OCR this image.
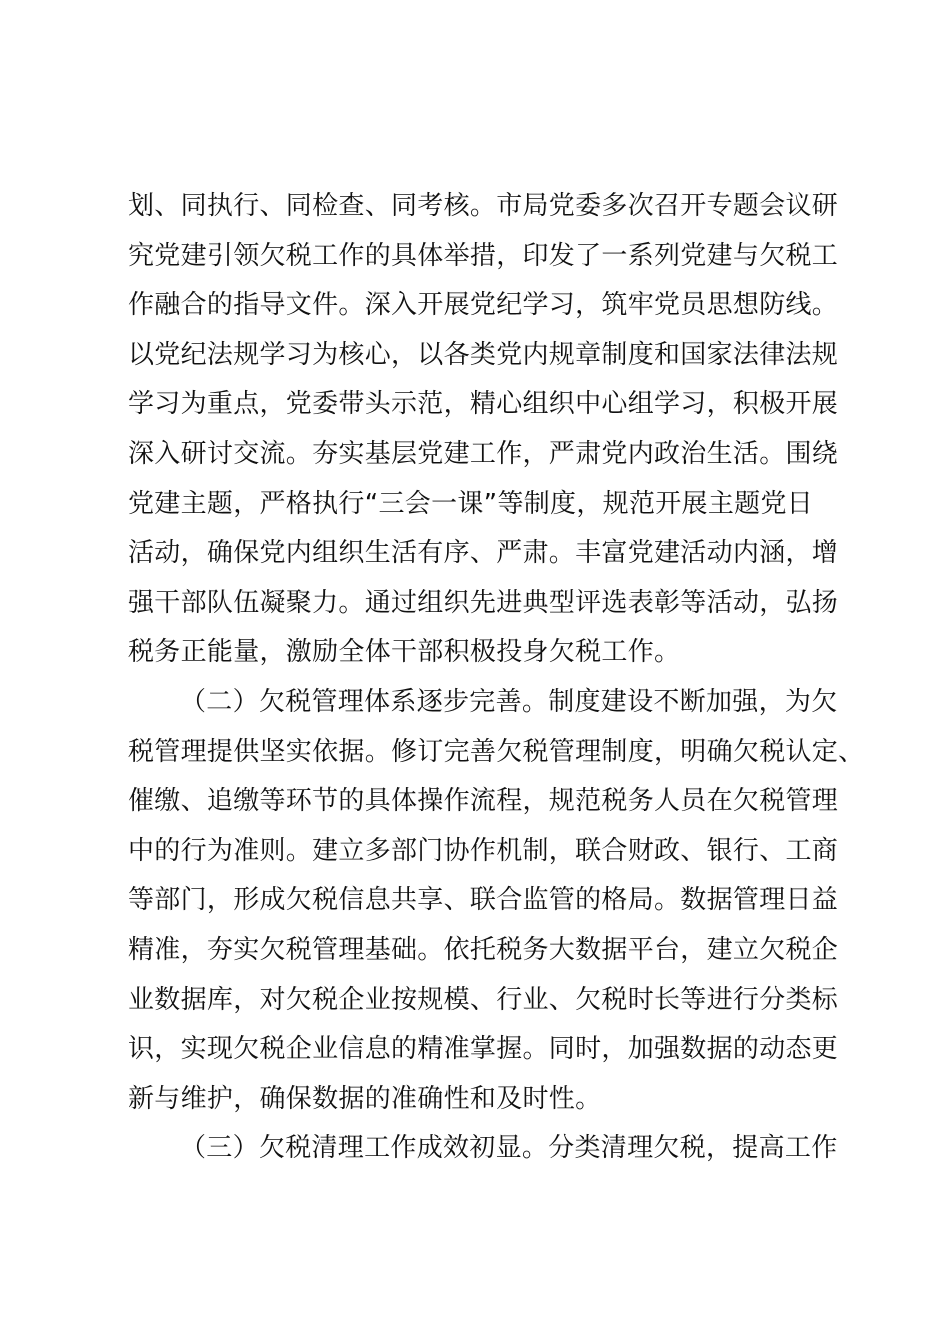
划、同执行、同检查、同考核。市局党委多次召开专题会议研
究党建引领欠税工作的具体举措，印发了一系列党建与欠税工
作融合的指导文件。深入开展党纪学习，筑牢党员思想防线。
以党纪法规学习为核心，以各类党内规章制度和国家法律法规
学习为重点，党委带头示范，精心组织中心组学习，积极开展
深入研讨交流。夯实基层党建工作，严肃党内政治生活。围绕
党建主题，严格执行“三会一课”等制度，规范开展主题党日
活动，确保党内组织生活有序、严肃。丰富党建活动内涵，增
强干部队伍凝聚力。通过组织先进典型评选表彰等活动，弘扬
税务正能量，激励全体干部积极投身欠税工作。
（二）欠税管理体系逐步完善。制度建设不断加强，为欠
税管理提供坚实依据。修订完善欠税管理制度，明确欠税认定、
催缴、追缴等环节的具体操作流程，规范税务人员在欠税管理
中的行为准则。建立多部门协作机制，联合财政、银行、工商
等部门，形成欠税信息共享、联合监管的格局。数据管理日益
精准，夯实欠税管理基础。依托税务大数据平台，建立欠税企
业数据库，对欠税企业按规模、行业、欠税时长等进行分类标
识，实现欠税企业信息的精准掌握。同时，加强数据的动态更
新与维护，确保数据的准确性和及时性。
（三）欠税清理工作成效初显。分类清理欠税，提高工作
